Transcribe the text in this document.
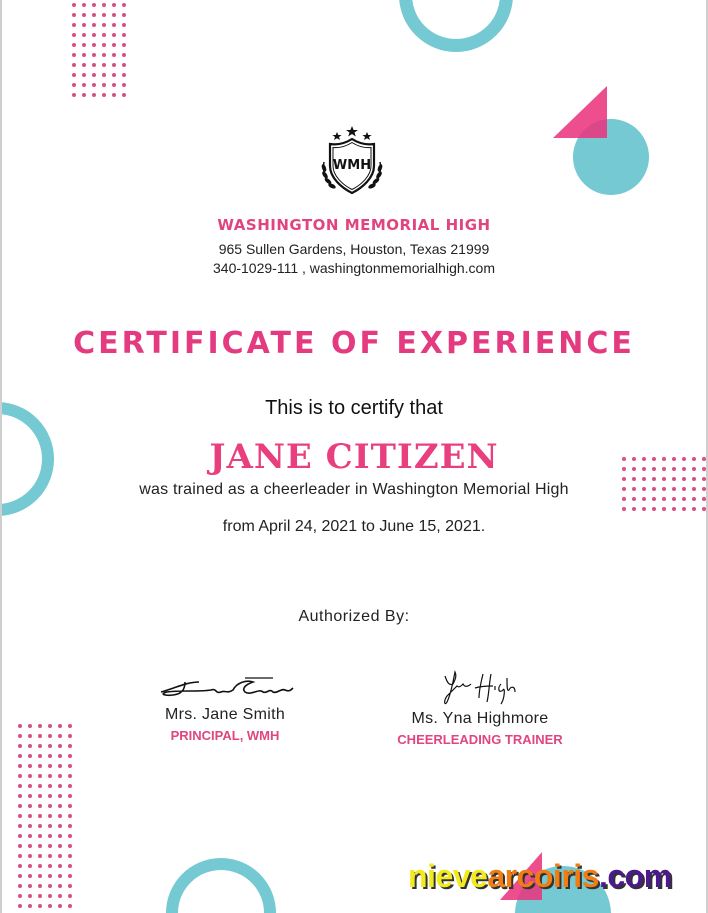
WMH
WASHINGTON MEMORIAL HIGH
965 Sullen Gardens, Houston, Texas 21999
340-1029-111 , washingtonmemorialhigh.com
CERTIFICATE OF EXPERIENCE
This is to certify that
JANE CITIZEN
was trained as a cheerleader in Washington Memorial High
from April 24, 2021 to June 15, 2021.
Authorized By:
Mrs. Jane Smith
PRINCIPAL, WMH
Ms. Yna Highmore
CHEERLEADING TRAINER
nievearcoiris.com
